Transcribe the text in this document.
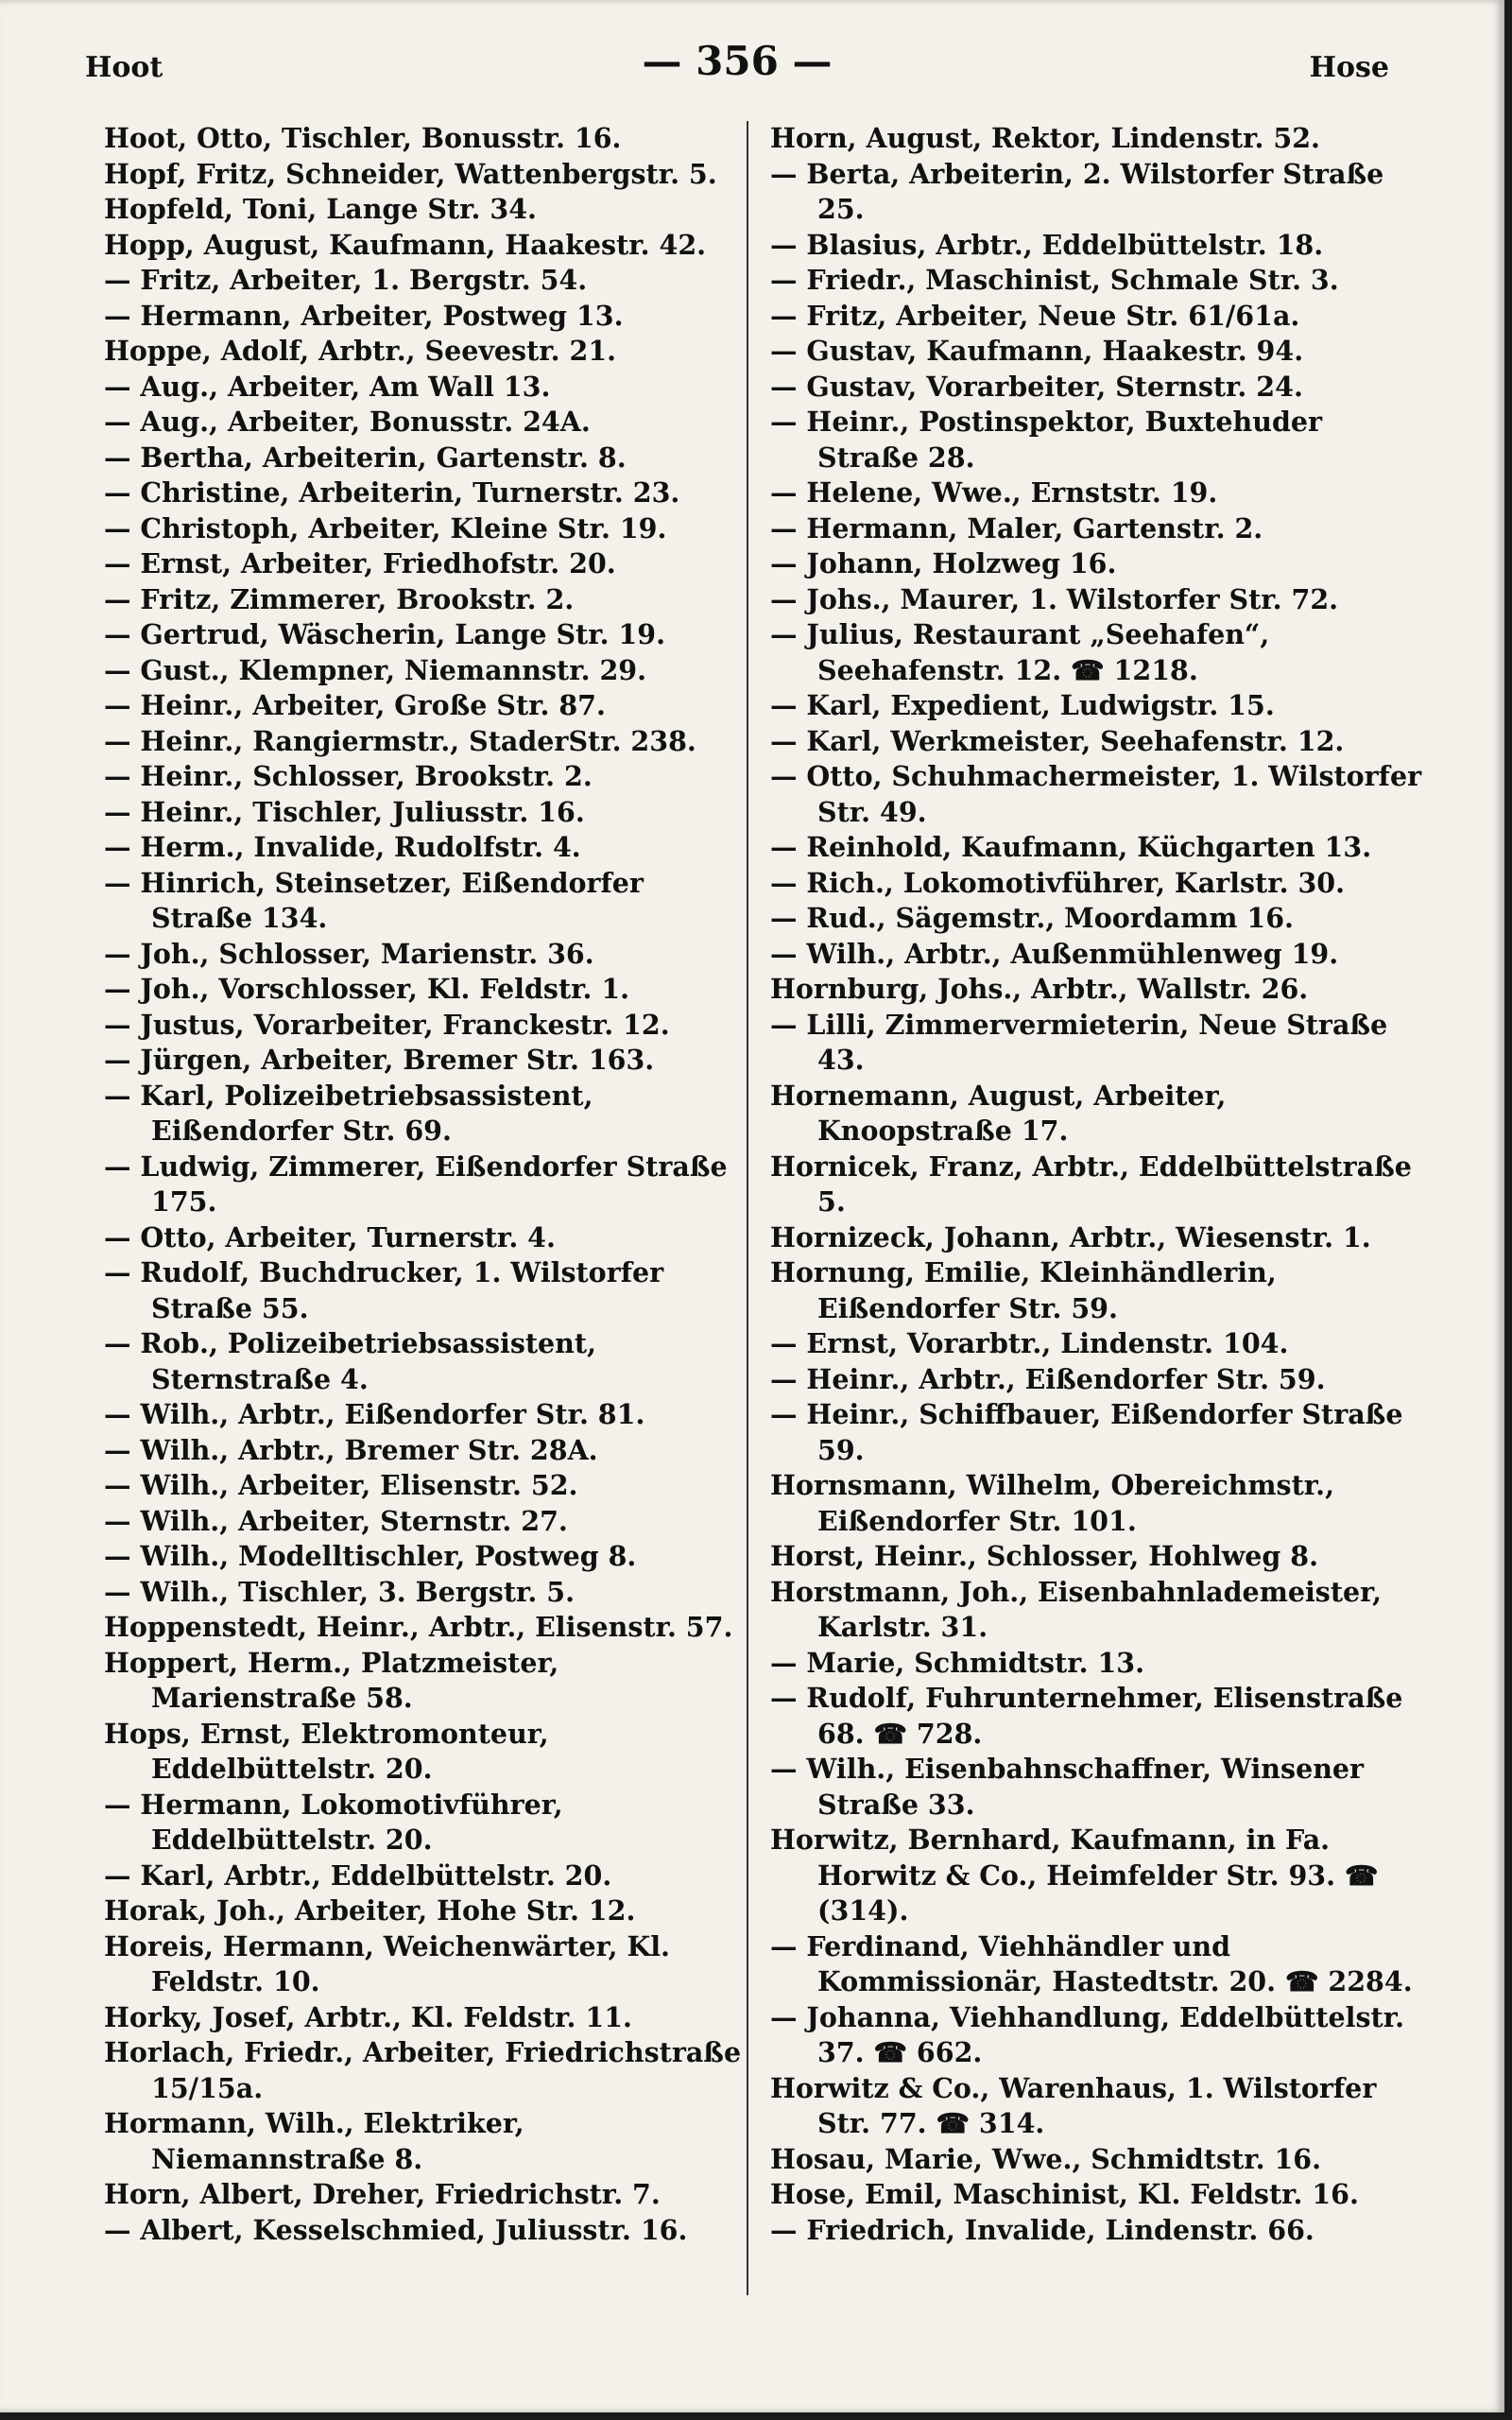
Hoot	— 356 —	Hose
Hoot, Otto, Tischler, Bonusstr. 16.
Hopf, Fritz, Schneider, Wattenbergstr. 5.
Hopfeld, Toni, Lange Str. 34.
Hopp, August, Kaufmann, Haakestr. 42.
— Fritz, Arbeiter, 1. Bergstr. 54.
— Hermann, Arbeiter, Postweg 13.
Hoppe, Adolf, Arbtr., Seevestr. 21.
— Aug., Arbeiter, Am Wall 13.
— Aug., Arbeiter, Bonusstr. 24A.
— Bertha, Arbeiterin, Gartenstr. 8.
— Christine, Arbeiterin, Turnerstr. 23.
— Christoph, Arbeiter, Kleine Str. 19.
— Ernst, Arbeiter, Friedhofstr. 20.
— Fritz, Zimmerer, Brookstr. 2.
— Gertrud, Wäscherin, Lange Str. 19.
— Gust., Klempner, Niemannstr. 29.
— Heinr., Arbeiter, Große Str. 87.
— Heinr., Rangiermstr., StaderStr. 238.
— Heinr., Schlosser, Brookstr. 2.
— Heinr., Tischler, Juliusstr. 16.
— Herm., Invalide, Rudolfstr. 4.
— Hinrich, Steinsetzer, Eißendorfer Straße 134.
— Joh., Schlosser, Marienstr. 36.
— Joh., Vorschlosser, Kl. Feldstr. 1.
— Justus, Vorarbeiter, Franckestr. 12.
— Jürgen, Arbeiter, Bremer Str. 163.
— Karl, Polizeibetriebsassistent, Eißendorfer Str. 69.
— Ludwig, Zimmerer, Eißendorfer Straße 175.
— Otto, Arbeiter, Turnerstr. 4.
— Rudolf, Buchdrucker, 1. Wilstorfer Straße 55.
— Rob., Polizeibetriebsassistent, Sternstraße 4.
— Wilh., Arbtr., Eißendorfer Str. 81.
— Wilh., Arbtr., Bremer Str. 28A.
— Wilh., Arbeiter, Elisenstr. 52.
— Wilh., Arbeiter, Sternstr. 27.
— Wilh., Modelltischler, Postweg 8.
— Wilh., Tischler, 3. Bergstr. 5.
Hoppenstedt, Heinr., Arbtr., Elisenstr. 57.
Hoppert, Herm., Platzmeister, Marienstraße 58.
Hops, Ernst, Elektromonteur, Eddelbüttelstr. 20.
— Hermann, Lokomotivführer, Eddelbüttelstr. 20.
— Karl, Arbtr., Eddelbüttelstr. 20.
Horak, Joh., Arbeiter, Hohe Str. 12.
Horeis, Hermann, Weichenwärter, Kl. Feldstr. 10.
Horky, Josef, Arbtr., Kl. Feldstr. 11.
Horlach, Friedr., Arbeiter, Friedrichstraße 15/15a.
Hormann, Wilh., Elektriker, Niemannstraße 8.
Horn, Albert, Dreher, Friedrichstr. 7.
— Albert, Kesselschmied, Juliusstr. 16.
Horn, August, Rektor, Lindenstr. 52.
— Berta, Arbeiterin, 2. Wilstorfer Straße 25.
— Blasius, Arbtr., Eddelbüttelstr. 18.
— Friedr., Maschinist, Schmale Str. 3.
— Fritz, Arbeiter, Neue Str. 61/61a.
— Gustav, Kaufmann, Haakestr. 94.
— Gustav, Vorarbeiter, Sternstr. 24.
— Heinr., Postinspektor, Buxtehuder Straße 28.
— Helene, Wwe., Ernststr. 19.
— Hermann, Maler, Gartenstr. 2.
— Johann, Holzweg 16.
— Johs., Maurer, 1. Wilstorfer Str. 72.
— Julius, Restaurant „Seehafen“, Seehafenstr. 12. ☎ 1218.
— Karl, Expedient, Ludwigstr. 15.
— Karl, Werkmeister, Seehafenstr. 12.
— Otto, Schuhmachermeister, 1. Wilstorfer Str. 49.
— Reinhold, Kaufmann, Küchgarten 13.
— Rich., Lokomotivführer, Karlstr. 30.
— Rud., Sägemstr., Moordamm 16.
— Wilh., Arbtr., Außenmühlenweg 19.
Hornburg, Johs., Arbtr., Wallstr. 26.
— Lilli, Zimmervermieterin, Neue Straße 43.
Hornemann, August, Arbeiter, Knoopstraße 17.
Hornicek, Franz, Arbtr., Eddelbüttelstraße 5.
Hornizeck, Johann, Arbtr., Wiesenstr. 1.
Hornung, Emilie, Kleinhändlerin, Eißendorfer Str. 59.
— Ernst, Vorarbtr., Lindenstr. 104.
— Heinr., Arbtr., Eißendorfer Str. 59.
— Heinr., Schiffbauer, Eißendorfer Straße 59.
Hornsmann, Wilhelm, Obereichmstr., Eißendorfer Str. 101.
Horst, Heinr., Schlosser, Hohlweg 8.
Horstmann, Joh., Eisenbahnlademeister, Karlstr. 31.
— Marie, Schmidtstr. 13.
— Rudolf, Fuhrunternehmer, Elisenstraße 68. ☎ 728.
— Wilh., Eisenbahnschaffner, Winsener Straße 33.
Horwitz, Bernhard, Kaufmann, in Fa. Horwitz & Co., Heimfelder Str. 93. ☎ (314).
— Ferdinand, Viehhändler und Kommissionär, Hastedtstr. 20. ☎ 2284.
— Johanna, Viehhandlung, Eddelbüttelstr. 37. ☎ 662.
Horwitz & Co., Warenhaus, 1. Wilstorfer Str. 77. ☎ 314.
Hosau, Marie, Wwe., Schmidtstr. 16.
Hose, Emil, Maschinist, Kl. Feldstr. 16.
— Friedrich, Invalide, Lindenstr. 66.
